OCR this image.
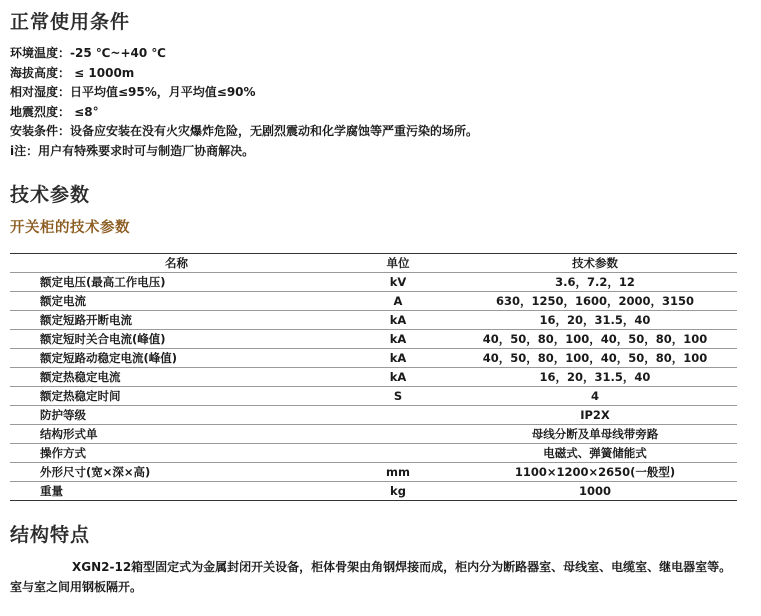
正常使用条件
环境温度：-25 ℃~+40 ℃
海拔高度： ≤ 1000m
相对湿度：日平均值≤95%，月平均值≤90%
地震烈度： ≤8°
安装条件：设备应安装在没有火灾爆炸危险，无剧烈震动和化学腐蚀等严重污染的场所。
i注：用户有特殊要求时可与制造厂协商解决。
技术参数
开关柜的技术参数
名称	单位	技术参数
额定电压(最高工作电压)	kV	3.6，7.2，12
额定电流	A	630，1250，1600，2000，3150
额定短路开断电流	kA	16，20，31.5，40
额定短时关合电流(峰值)	kA	40，50，80，100，40，50，80，100
额定短路动稳定电流(峰值)	kA	40，50，80，100，40，50，80，100
额定热稳定电流	kA	16，20，31.5，40
额定热稳定时间	S	4
防护等级		IP2X
结构形式单		母线分断及单母线带旁路
操作方式		电磁式、弹簧储能式
外形尺寸(宽×深×高)	mm	1100×1200×2650(一般型)
重量	kg	1000
结构特点
XGN2-12箱型固定式为金属封闭开关设备，柜体骨架由角钢焊接而成，柜内分为断路器室、母线室、电缆室、继电器室等。室与室之间用钢板隔开。
